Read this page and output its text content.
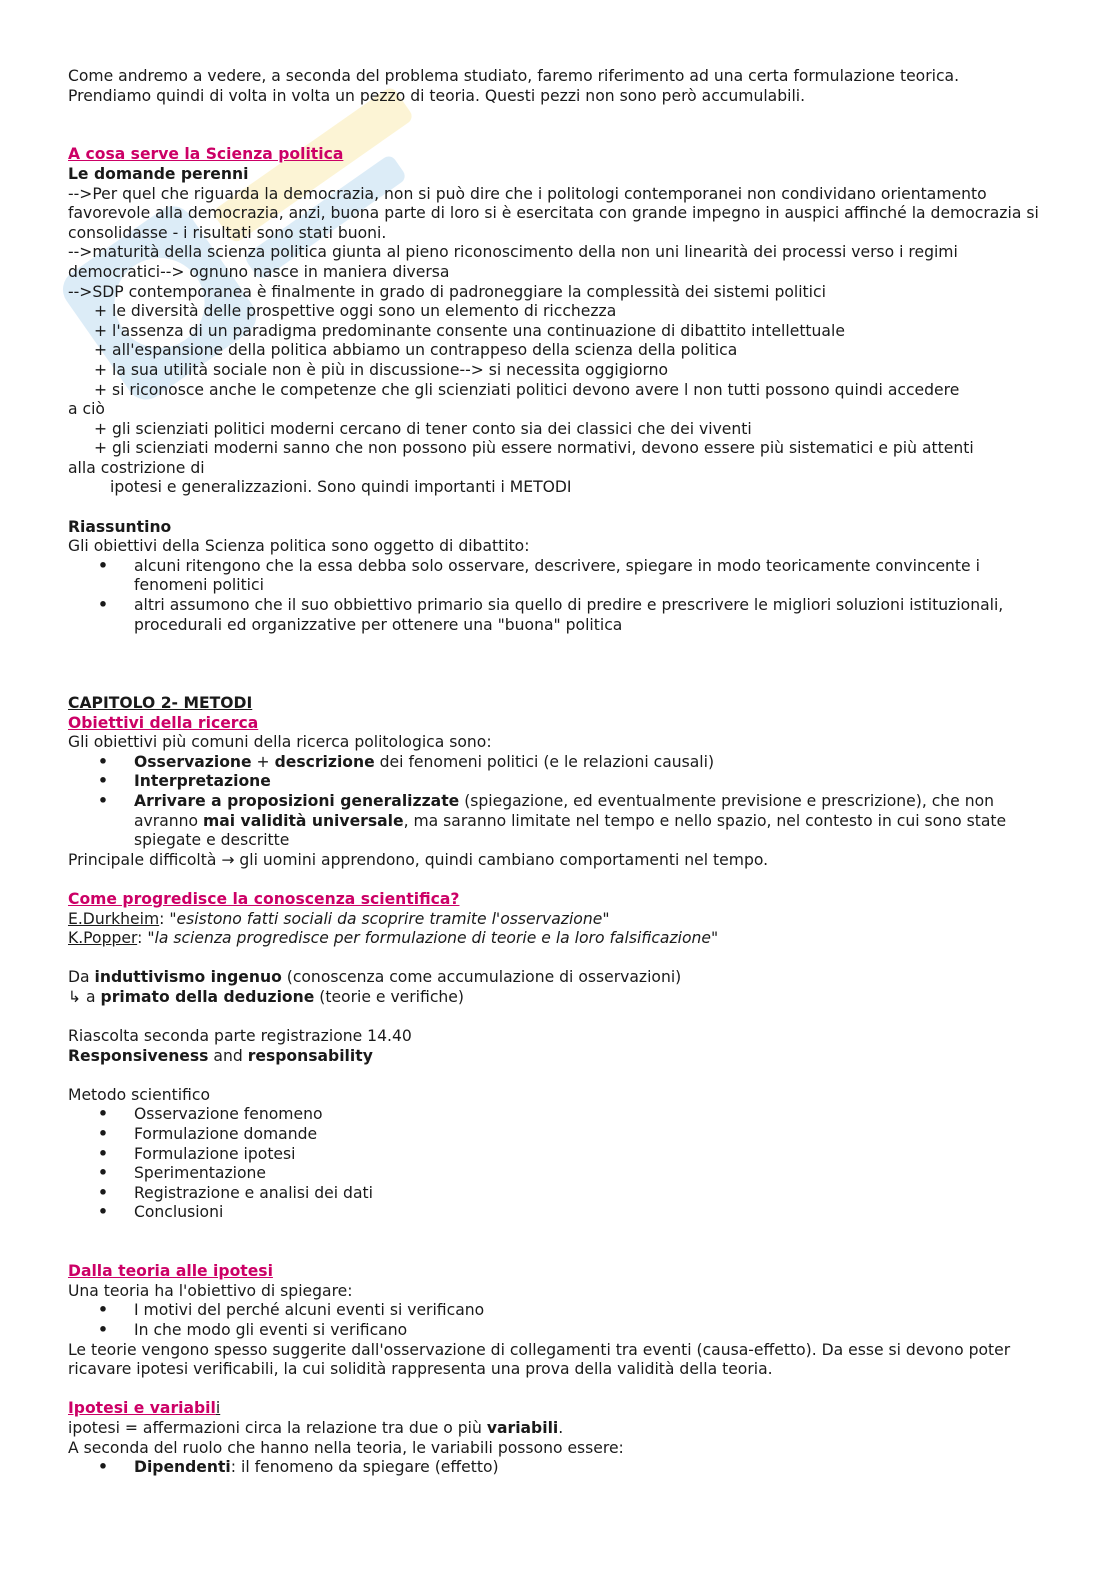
Come andremo a vedere, a seconda del problema studiato, faremo riferimento ad una certa formulazione teorica.

Prendiamo quindi di volta in volta un pezzo di teoria. Questi pezzi non sono però accumulabili.

A cosa serve la Scienza politica

Le domande perenni

-->Per quel che riguarda la democrazia, non si può dire che i politologi contemporanei non condividano orientamento favorevole alla democrazia, anzi, buona parte di loro si è esercitata con grande impegno in auspici affinché la democrazia si consolidasse - i risultati sono stati buoni.

-->maturità della scienza politica giunta al pieno riconoscimento della non uni linearità dei processi verso i regimi democratici--> ognuno nasce in maniera diversa

-->SDP contemporanea è finalmente in grado di padroneggiare la complessità dei sistemi politici

+ le diversità delle prospettive oggi sono un elemento di ricchezza

+ l'assenza di un paradigma predominante consente una continuazione di dibattito intellettuale

+ all'espansione della politica abbiamo un contrappeso della scienza della politica

+ la sua utilità sociale non è più in discussione--> si necessita oggigiorno

+ si riconosce anche le competenze che gli scienziati politici devono avere l non tutti possono quindi accedere

a ciò

+ gli scienziati politici moderni cercano di tener conto sia dei classici che dei viventi

+ gli scienziati moderni sanno che non possono più essere normativi, devono essere più sistematici e più attenti

alla costrizione di

ipotesi e generalizzazioni. Sono quindi importanti i METODI

Riassuntino

Gli obiettivi della Scienza politica sono oggetto di dibattito:

• alcuni ritengono che la essa debba solo osservare, descrivere, spiegare in modo teoricamente convincente i fenomeni politici
• altri assumono che il suo obbiettivo primario sia quello di predire e prescrivere le migliori soluzioni istituzionali, procedurali ed organizzative per ottenere una "buona" politica

CAPITOLO 2- METODI

Obiettivi della ricerca

Gli obiettivi più comuni della ricerca politologica sono:

• Osservazione + descrizione dei fenomeni politici (e le relazioni causali)
• Interpretazione
• Arrivare a proposizioni generalizzate (spiegazione, ed eventualmente previsione e prescrizione), che non avranno mai validità universale, ma saranno limitate nel tempo e nello spazio, nel contesto in cui sono state spiegate e descritte

Principale difficoltà → gli uomini apprendono, quindi cambiano comportamenti nel tempo.

Come progredisce la conoscenza scientifica?

E.Durkheim: "esistono fatti sociali da scoprire tramite l'osservazione"

K.Popper: "la scienza progredisce per formulazione di teorie e la loro falsificazione"

Da induttivismo ingenuo (conoscenza come accumulazione di osservazioni)

↳ a primato della deduzione (teorie e verifiche)

Riascolta seconda parte registrazione 14.40

Responsiveness and responsability

Metodo scientifico

• Osservazione fenomeno
• Formulazione domande
• Formulazione ipotesi
• Sperimentazione
• Registrazione e analisi dei dati
• Conclusioni

Dalla teoria alle ipotesi

Una teoria ha l'obiettivo di spiegare:

• I motivi del perché alcuni eventi si verificano
• In che modo gli eventi si verificano

Le teorie vengono spesso suggerite dall'osservazione di collegamenti tra eventi (causa-effetto). Da esse si devono poter ricavare ipotesi verificabili, la cui solidità rappresenta una prova della validità della teoria.

Ipotesi e variabili

ipotesi = affermazioni circa la relazione tra due o più variabili.

A seconda del ruolo che hanno nella teoria, le variabili possono essere:

• Dipendenti: il fenomeno da spiegare (effetto)
